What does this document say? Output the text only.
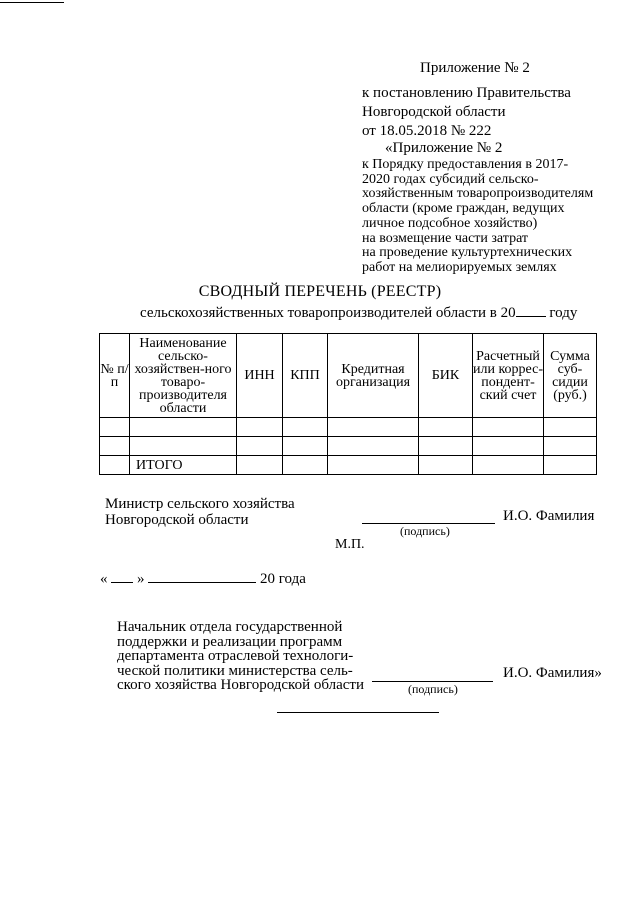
Приложение № 2
к постановлению Правительства
Новгородской области
от 18.05.2018 № 222
«Приложение № 2
к Порядку предоставления в 2017-
2020 годах субсидий сельско-
хозяйственным товаропроизводителям
области (кроме граждан, ведущих
личное подсобное хозяйство)
на возмещение части затрат
на проведение культуртехнических
работ на мелиорируемых землях
СВОДНЫЙ ПЕРЕЧЕНЬ (РЕЕСТР)
сельскохозяйственных товаропроизводителей области в 20 году
№ п/п	Наименование сельско-хозяйствен-ного товаро-производителя области	ИНН	КПП	Кредитная организация	БИК	Расчетный или коррес-пондент-ский счет	Сумма суб-сидии (руб.)

	ИТОГО						
Министр сельского хозяйства
Новгородской области	И.О. Фамилия
(подпись)
М.П.
« »	20 года
Начальник отдела государственной
поддержки и реализации программ
департамента отраслевой технологи-
ческой политики министерства сель-
ского хозяйства Новгородской области
И.О. Фамилия»
(подпись)
